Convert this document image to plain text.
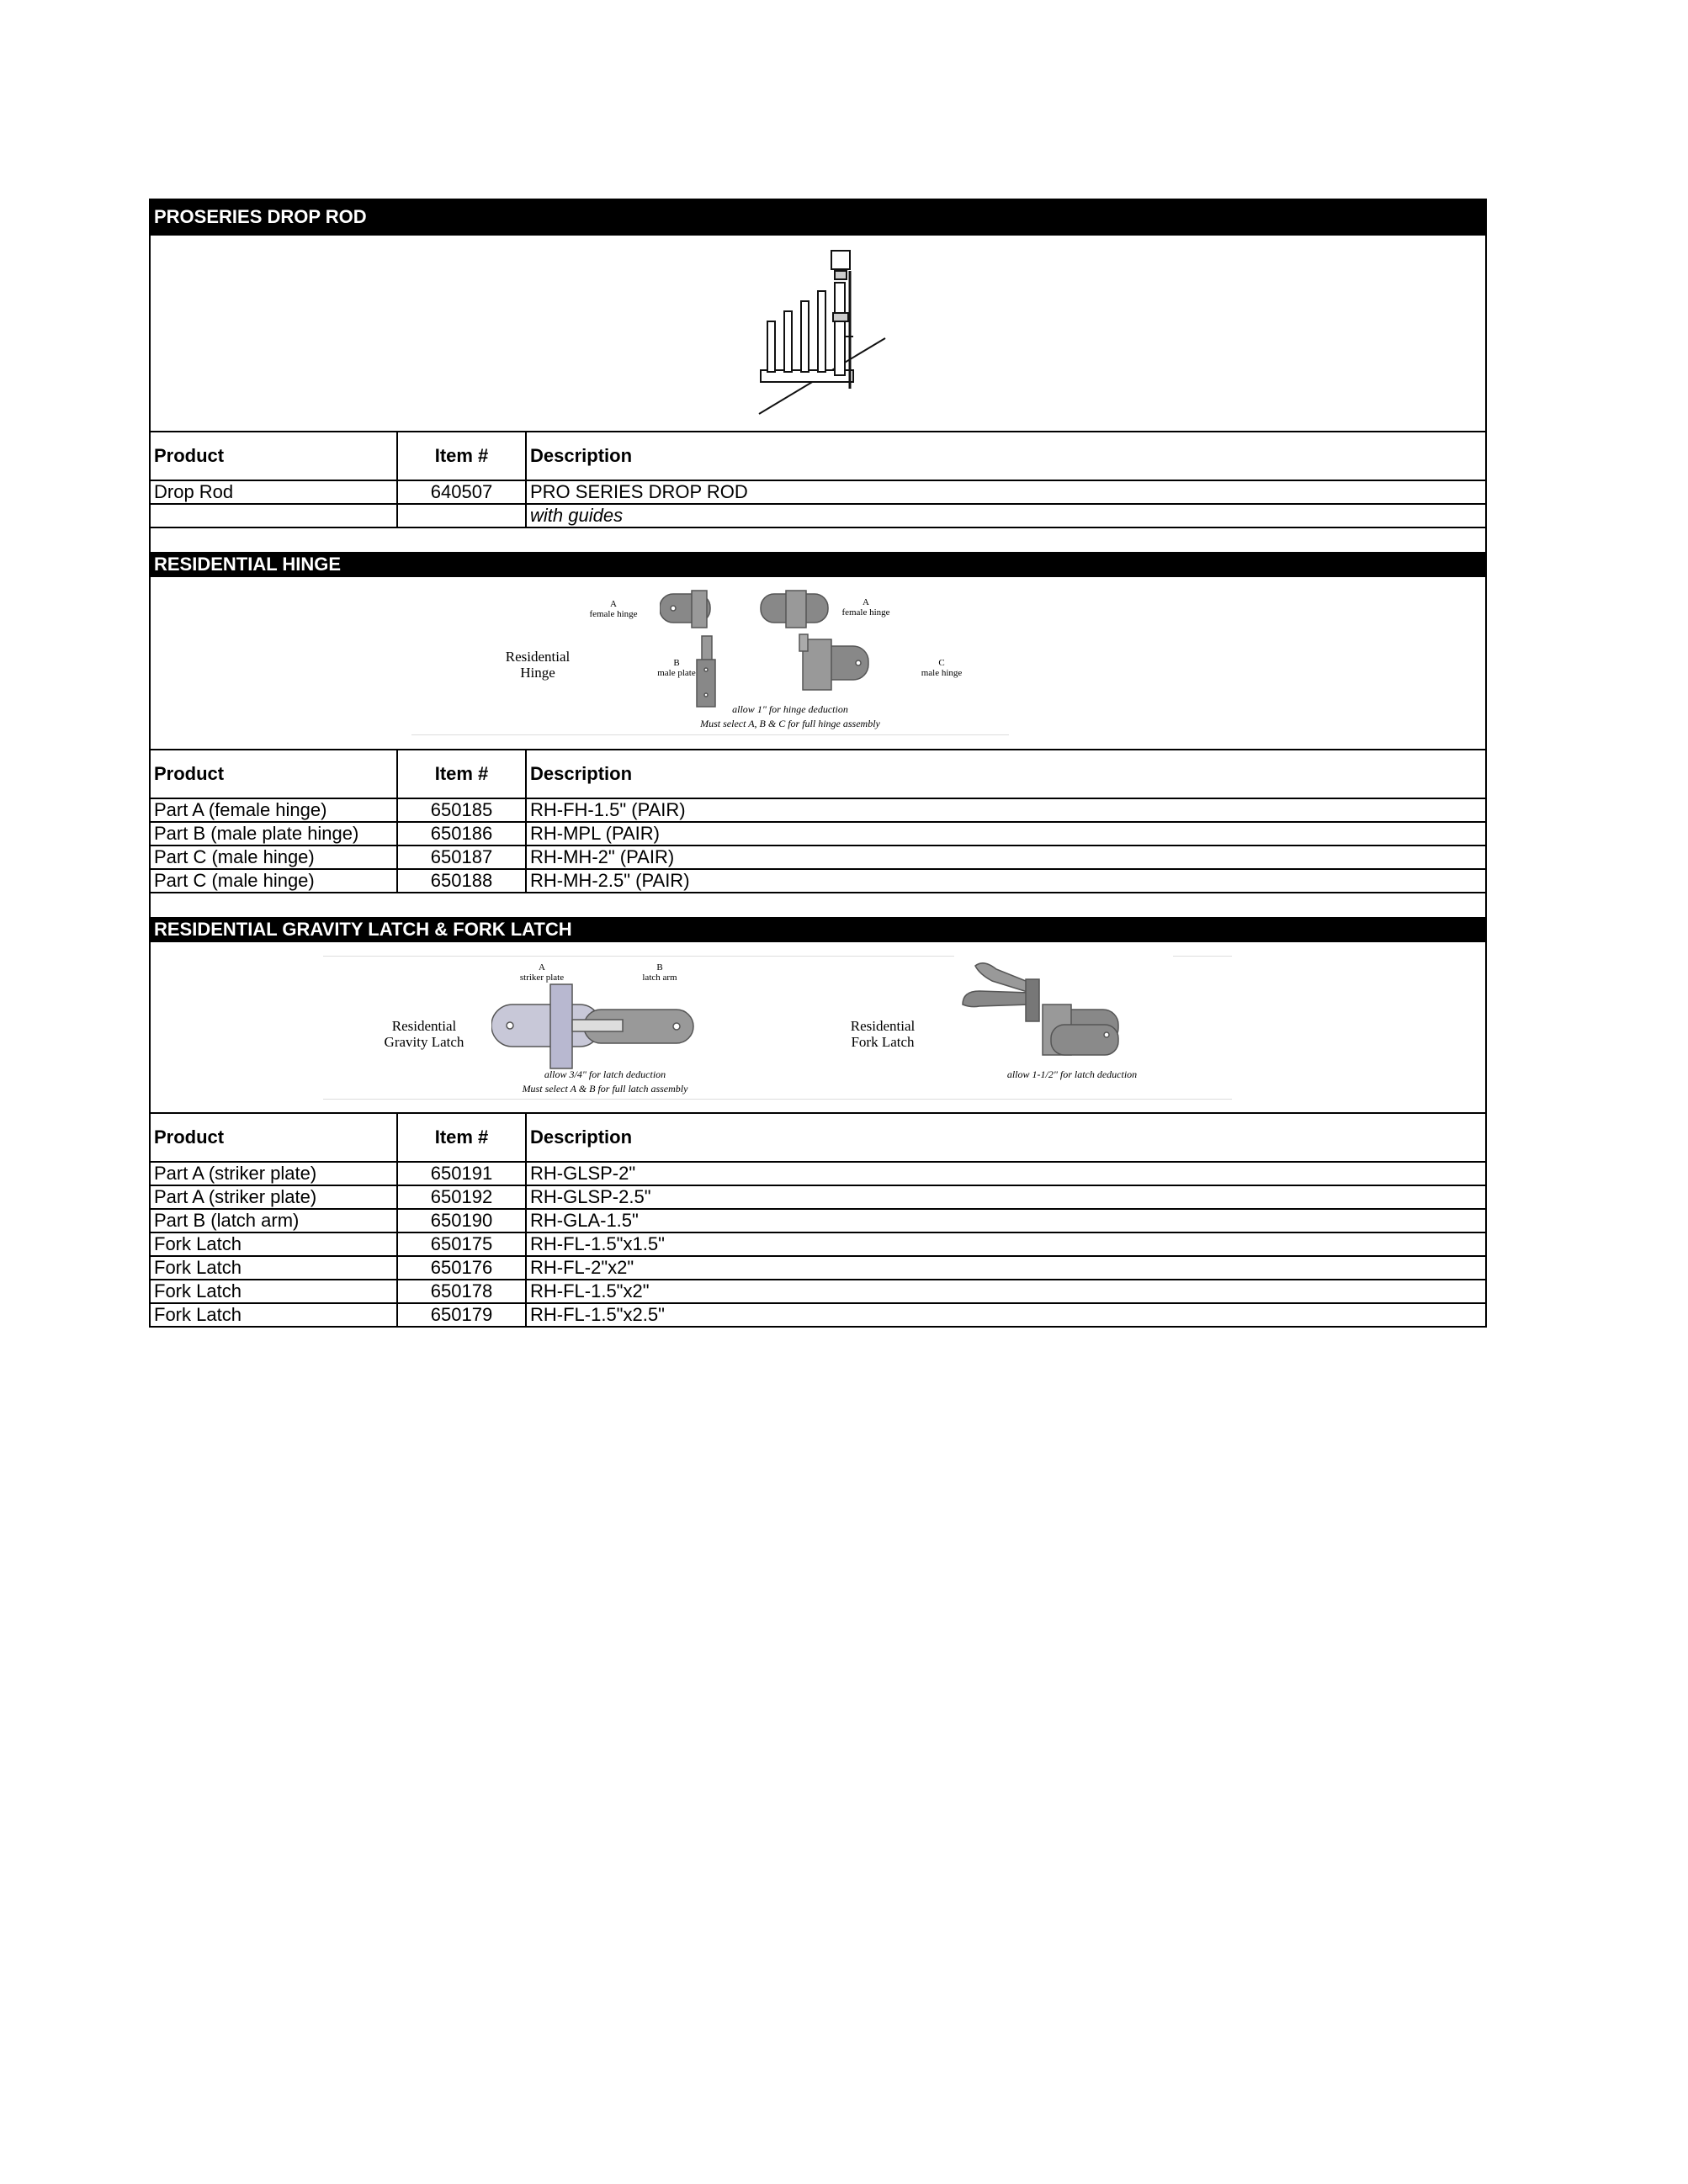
PROSERIES DROP ROD
Product	Item #	Description
Drop Rod	640507	PRO SERIES DROP ROD
		with guides
RESIDENTIAL HINGE
Residential
Hinge
A
female hinge
A
female hinge
B
male plate
C
male hinge
allow 1" for hinge deduction
Must select A, B & C for full hinge assembly
Product	Item #	Description
Part A (female hinge)	650185	RH-FH-1.5" (PAIR)
Part B (male plate hinge)	650186	RH-MPL (PAIR)
Part C (male hinge)	650187	RH-MH-2" (PAIR)
Part C (male hinge)	650188	RH-MH-2.5" (PAIR)
RESIDENTIAL GRAVITY LATCH & FORK LATCH
Residential
Gravity Latch
A
striker plate
B
latch arm
allow 3/4" for latch deduction
Must select A & B for full latch assembly
Residential
Fork Latch
allow 1-1/2" for latch deduction
Product	Item #	Description
Part A (striker plate)	650191	RH-GLSP-2"
Part A (striker plate)	650192	RH-GLSP-2.5"
Part B (latch arm)	650190	RH-GLA-1.5"
Fork Latch	650175	RH-FL-1.5"x1.5"
Fork Latch	650176	RH-FL-2"x2"
Fork Latch	650178	RH-FL-1.5"x2"
Fork Latch	650179	RH-FL-1.5"x2.5"
